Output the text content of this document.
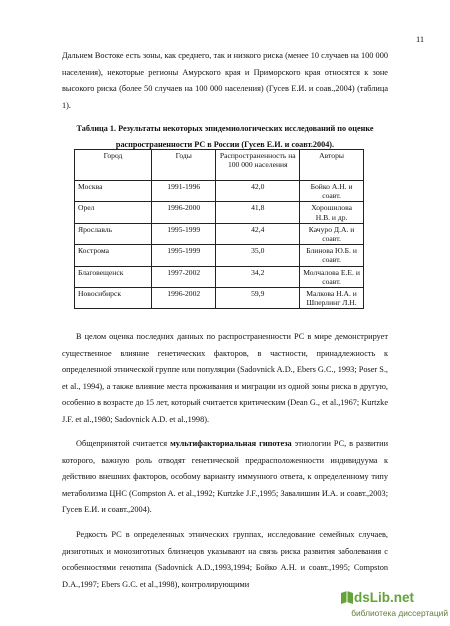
11

Дальнем Востоке есть зоны, как среднего, так и низкого риска (менее 10 случаев на 100 000 населения), некоторые регионы Амурского края и Приморского края относятся к зоне высокого риска (более 50 случаев на 100 000 населения) (Гусев Е.И. и соав.,2004) (таблица 1).

Таблица 1. Результаты некоторых эпидемиологических исследований по оценке распространенности РС в России (Гусев Е.И. и соавт.2004).

Город	Годы	Распространенность на 100 000 населения	Авторы
Москва	1991-1996	42,0	Бойко А.Н. и соавт.
Орел	1996-2000	41,8	Хорошилова Н.В. и др.
Ярославль	1995-1999	42,4	Качуро Д.А. и соавт.
Кострома	1995-1999	35,0	Блинова Ю.Б. и соавт.
Благовещенск	1997-2002	34,2	Молчалова Е.Е. и соавт.
Новосибирск	1996-2002	59,9	Малкова Н.А. и Шперлинг Л.Н.

В целом оценка последних данных по распространенности РС в мире демонстрирует существенное влияние генетических факторов, в частности, принадлежность к определенной этнической группе или популяции (Sadovnick A.D., Ebers G.C., 1993; Poser S., et al., 1994), а также влияние места проживания и миграции из одной зоны риска в другую, особенно в возрасте до 15 лет, который считается критическим (Dean G., et al.,1967; Kurtzke J.F. et al.,1980; Sadovnick A.D. et al.,1998).

Общепринятой считается мультифакториальная гипотеза этиологии РС, в развитии которого, важную роль отводят генетической предрасположенности индивидуума к действию внешних факторов, особому варианту иммунного ответа, к определенному типу метаболизма ЦНС (Compston A. et al.,1992; Kurtzke J.F.,1995; Завалишин И.А. и соавт.,2003; Гусев Е.И. и соавт.,2004).

Редкость РС в определенных этнических группах, исследование семейных случаев, дизиготных и монозиготных близнецов указывают на связь риска развития заболевания с особенностями генотипа (Sadovnick A.D.,1993,1994; Бойко А.Н. и соавт.,1995; Compston D.A.,1997; Ebers G.C. et al.,1998), контролирующими

dsLib.net
библиотека диссертаций
